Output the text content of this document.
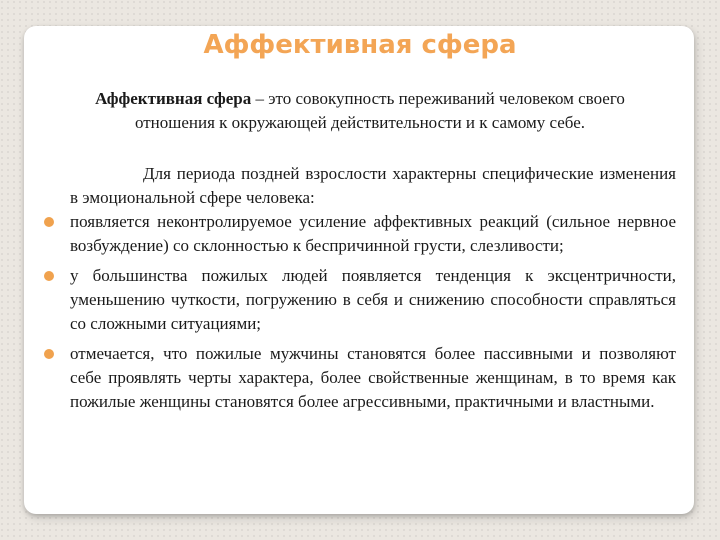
Аффективная сфера

Аффективная сфера – это совокупность переживаний человеком своего отношения к окружающей действительности и к самому себе.

Для периода поздней взрослости характерны специфические изменения в эмоциональной сфере человека:

появляется неконтролируемое усиление аффективных реакций (сильное нервное возбуждение) со склонностью к беспричинной грусти, слезливости;
у большинства пожилых людей появляется тенденция к эксцентричности, уменьшению чуткости, погружению в себя и снижению способности справляться со сложными ситуациями;
отмечается, что пожилые мужчины становятся более пассивными и позволяют себе проявлять черты характера, более свойственные женщинам, в то время как пожилые женщины становятся более агрессивными, практичными и властными.
